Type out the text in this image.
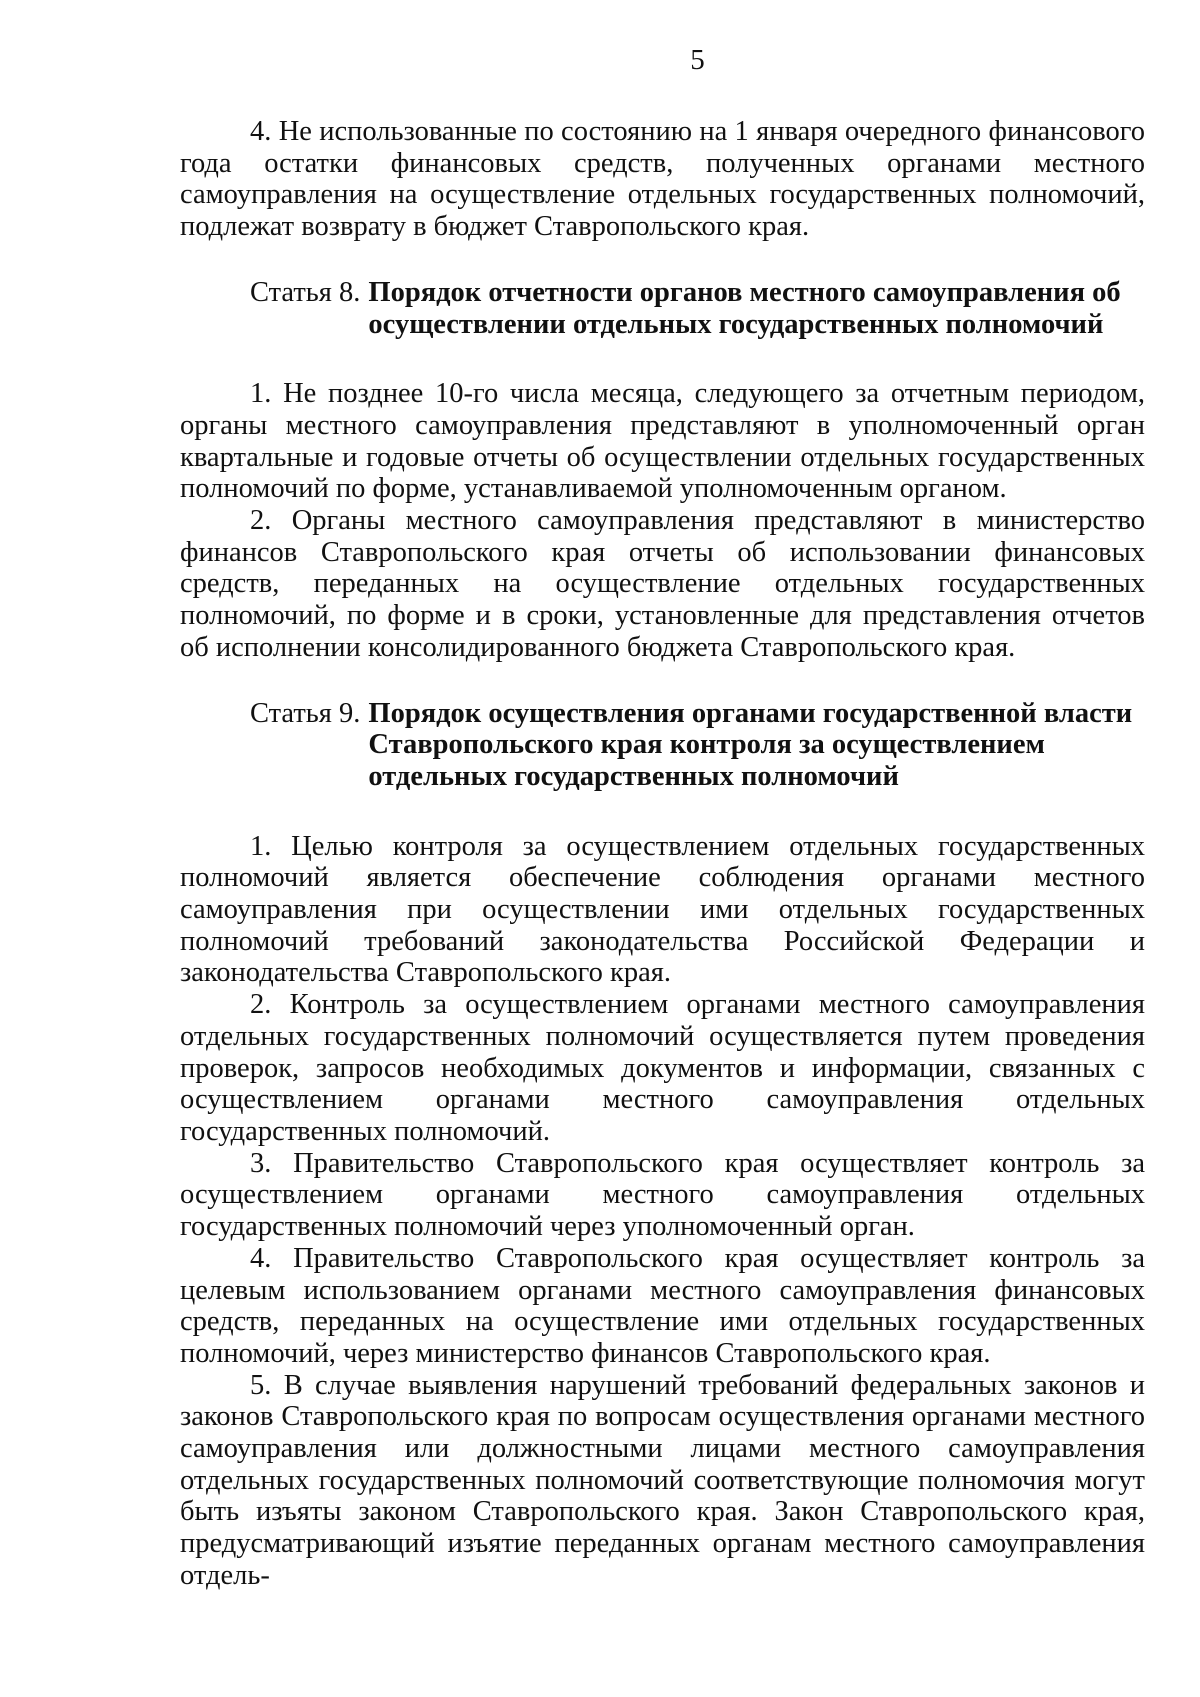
5

4. Не использованные по состоянию на 1 января очередного финансового года остатки финансовых средств, полученных органами местного самоуправления на осуществление отдельных государственных полномочий, подлежат возврату в бюджет Ставропольского края.

Статья 8. Порядок отчетности органов местного самоуправления об осуществлении отдельных государственных полномочий

1. Не позднее 10-го числа месяца, следующего за отчетным периодом, органы местного самоуправления представляют в уполномоченный орган квартальные и годовые отчеты об осуществлении отдельных государственных полномочий по форме, устанавливаемой уполномоченным органом.

2. Органы местного самоуправления представляют в министерство финансов Ставропольского края отчеты об использовании финансовых средств, переданных на осуществление отдельных государственных полномочий, по форме и в сроки, установленные для представления отчетов об исполнении консолидированного бюджета Ставропольского края.

Статья 9. Порядок осуществления органами государственной власти Ставропольского края контроля за осуществлением отдельных государственных полномочий

1. Целью контроля за осуществлением отдельных государственных полномочий является обеспечение соблюдения органами местного самоуправления при осуществлении ими отдельных государственных полномочий требований законодательства Российской Федерации и законодательства Ставропольского края.

2. Контроль за осуществлением органами местного самоуправления отдельных государственных полномочий осуществляется путем проведения проверок, запросов необходимых документов и информации, связанных с осуществлением органами местного самоуправления отдельных государственных полномочий.

3. Правительство Ставропольского края осуществляет контроль за осуществлением органами местного самоуправления отдельных государственных полномочий через уполномоченный орган.

4. Правительство Ставропольского края осуществляет контроль за целевым использованием органами местного самоуправления финансовых средств, переданных на осуществление ими отдельных государственных полномочий, через министерство финансов Ставропольского края.

5. В случае выявления нарушений требований федеральных законов и законов Ставропольского края по вопросам осуществления органами местного самоуправления или должностными лицами местного самоуправления отдельных государственных полномочий соответствующие полномочия могут быть изъяты законом Ставропольского края. Закон Ставропольского края, предусматривающий изъятие переданных органам местного самоуправления отдель-
